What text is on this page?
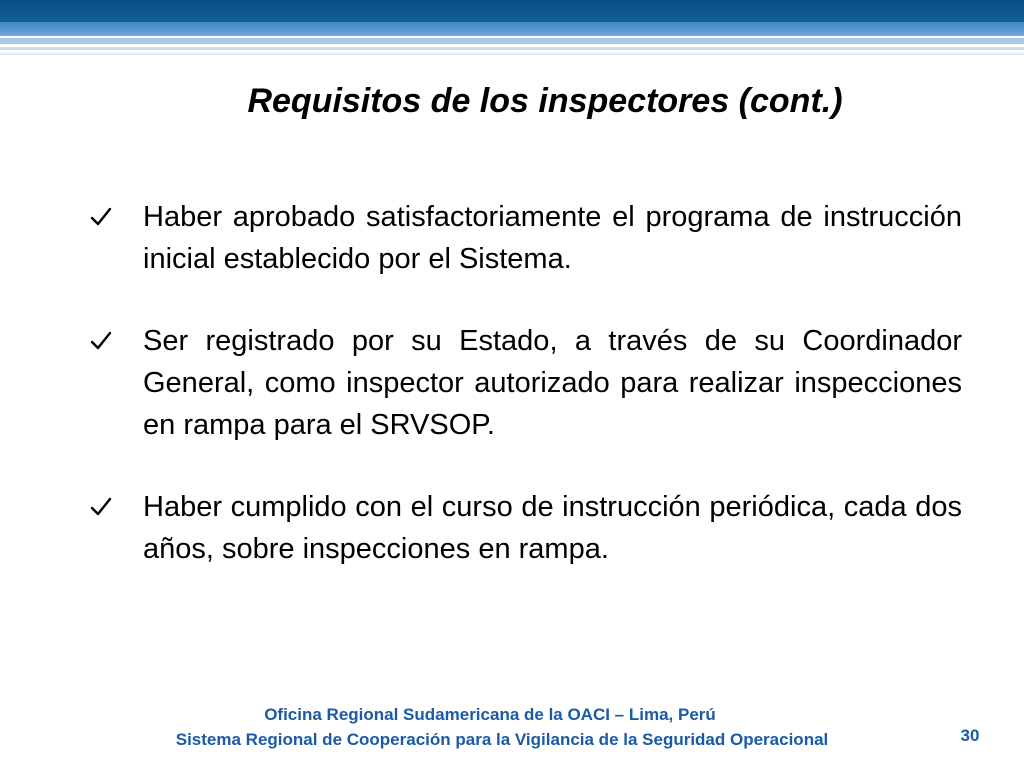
Requisitos de los inspectores (cont.)
Haber aprobado satisfactoriamente el programa de instrucción inicial establecido por el Sistema.
Ser registrado por su Estado, a través de su Coordinador General, como inspector autorizado para realizar inspecciones en rampa para el SRVSOP.
Haber cumplido con el curso de instrucción periódica, cada dos años, sobre inspecciones en rampa.
Oficina Regional Sudamericana de la OACI – Lima, Perú
Sistema Regional de Cooperación para la Vigilancia de la Seguridad Operacional	30
